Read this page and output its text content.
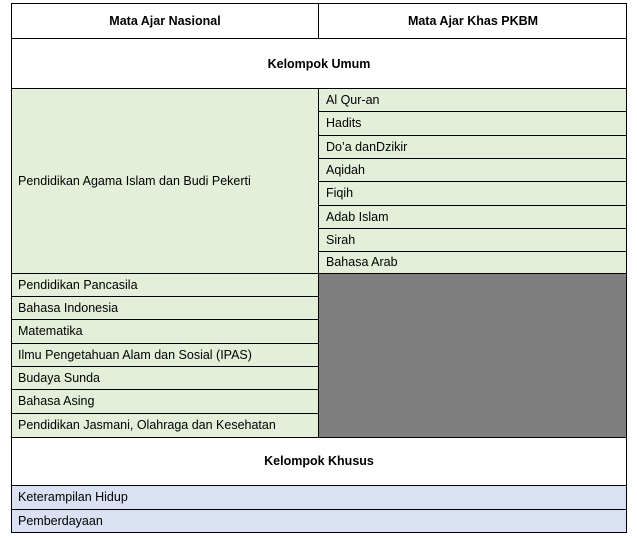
Mata Ajar Nasional	Mata Ajar Khas PKBM
Kelompok Umum
Pendidikan Agama Islam dan Budi Pekerti
Al Qur-an
Hadits
Do’a danDzikir
Aqidah
Fiqih
Adab Islam
Sirah
Bahasa Arab
Pendidikan Pancasila
Bahasa Indonesia
Matematika
Ilmu Pengetahuan Alam dan Sosial (IPAS)
Budaya Sunda
Bahasa Asing
Pendidikan Jasmani, Olahraga dan Kesehatan
Kelompok Khusus
Keterampilan Hidup
Pemberdayaan
